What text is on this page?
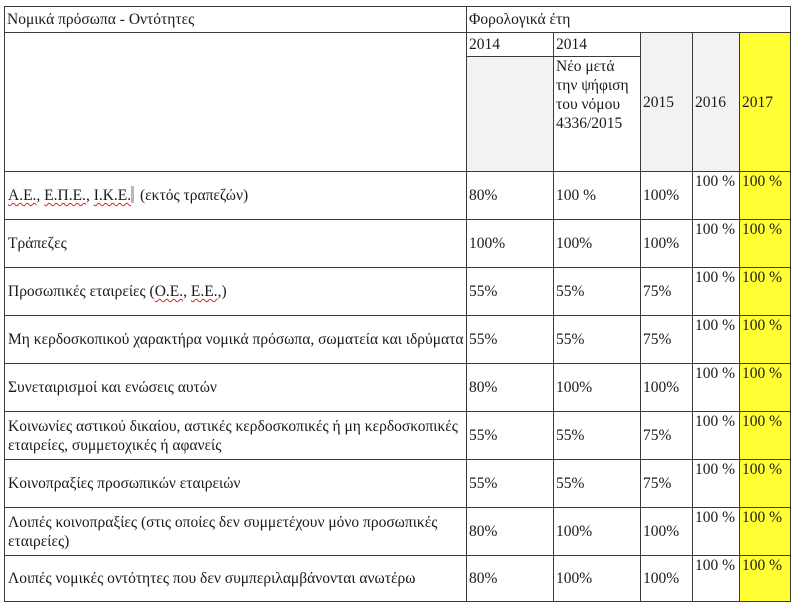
Νομικά πρόσωπα - Οντότητες	Φορολογικά έτη				
	2014	2014	2015	2016	2017
		Νέο μετά την ψήφιση του νόμου 4336/2015			
Α.Ε., Ε.Π.Ε., Ι.Κ.Ε. (εκτός τραπεζών)	80%	100 %	100%	100 %	100 %
Τράπεζες	100%	100%	100%	100 %	100 %
Προσωπικές εταιρείες (Ο.Ε., Ε.Ε.,)	55%	55%	75%	100 %	100 %
Μη κερδοσκοπικού χαρακτήρα νομικά πρόσωπα, σωματεία και ιδρύματα	55%	55%	75%	100 %	100 %
Συνεταιρισμοί και ενώσεις αυτών	80%	100%	100%	100 %	100 %
Κοινωνίες αστικού δικαίου, αστικές κερδοσκοπικές ή μη κερδοσκοπικές εταιρείες, συμμετοχικές ή αφανείς	55%	55%	75%	100 %	100 %
Κοινοπραξίες προσωπικών εταιρειών	55%	55%	75%	100 %	100 %
Λοιπές κοινοπραξίες (στις οποίες δεν συμμετέχουν μόνο προσωπικές εταιρείες)	80%	100%	100%	100 %	100 %
Λοιπές νομικές οντότητες που δεν συμπεριλαμβάνονται ανωτέρω	80%	100%	100%	100 %	100 %
